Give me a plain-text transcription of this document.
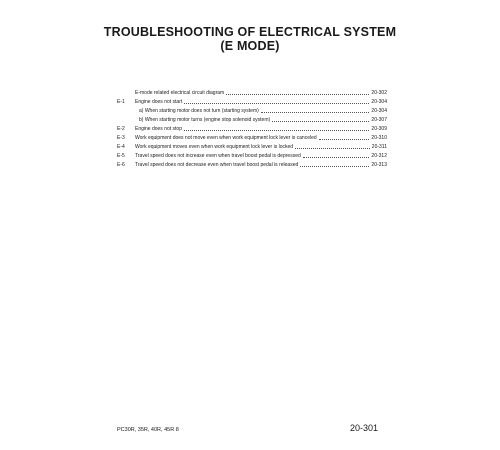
TROUBLESHOOTING OF ELECTRICAL SYSTEM
(E MODE)
E-mode related electrical circuit diagram	20-302
E-1	Engine does not start	20-304
a) When starting motor does not turn (starting system)	20-304
b) When starting motor turns (engine stop solenoid system)	20-307
E-2	Engine does not stop	20-309
E-3	Work equipment does not move even when work equipment lock lever is canceled	20-310
E-4	Work equipment moves even when work equipment lock lever is locked	20-311
E-5	Travel speed does not increase even when travel boost pedal is depressed	20-312
E-6	Travel speed does not decrease even when travel boost pedal is released	20-313
PC30R, 35R, 40R, 45R 8	20-301
